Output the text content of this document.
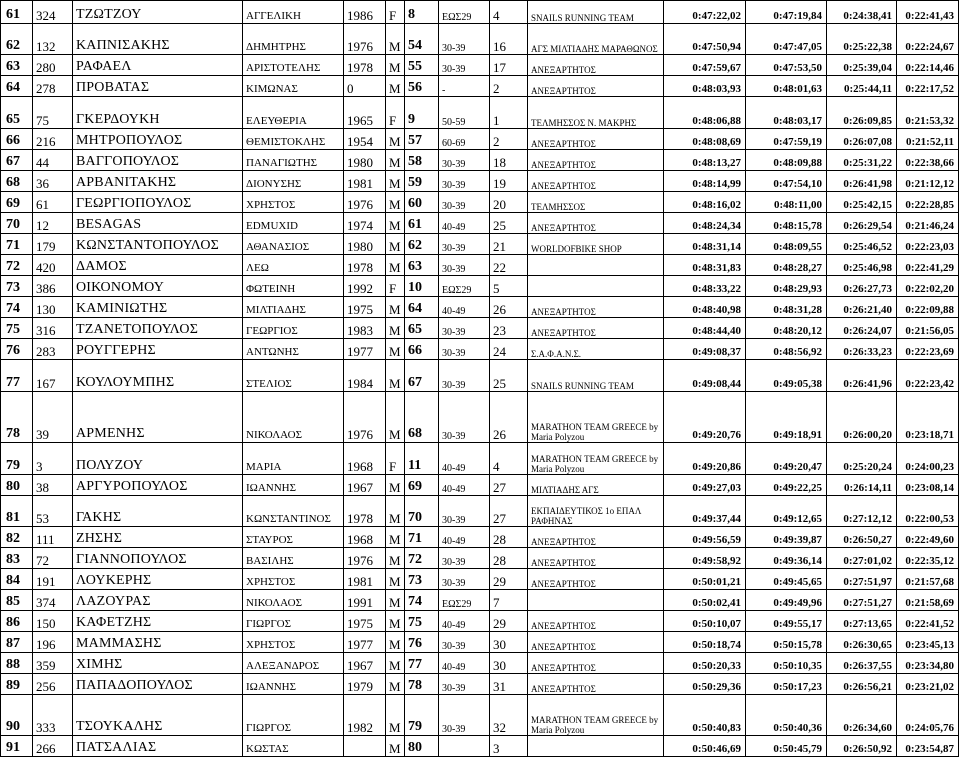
61	324	ΤΖΩΤΖΟΥ	ΑΓΓΕΛΙΚΗ	1986	F	8	ΕΩΣ29	4	SNAILS RUNNING TEAM	0:47:22,02	0:47:19,84	0:24:38,41	0:22:41,43
62	132	ΚΑΠΝΙΣΑΚΗΣ	ΔΗΜΗΤΡΗΣ	1976	M	54	30-39	16	ΑΓΣ ΜΙΛΤΙΑΔΗΣ ΜΑΡΑΘΩΝΟΣ	0:47:50,94	0:47:47,05	0:25:22,38	0:22:24,67
63	280	ΡΑΦΑΕΛ	ΑΡΙΣΤΟΤΕΛΗΣ	1978	M	55	30-39	17	ΑΝΕΞΑΡΤΗΤΟΣ	0:47:59,67	0:47:53,50	0:25:39,04	0:22:14,46
64	278	ΠΡΟΒΑΤΑΣ	ΚΙΜΩΝΑΣ	0	M	56	-	2	ΑΝΕΞΑΡΤΗΤΟΣ	0:48:03,93	0:48:01,63	0:25:44,11	0:22:17,52
65	75	ΓΚΕΡΔΟΥΚΗ	ΕΛΕΥΘΕΡΙΑ	1965	F	9	50-59	1	ΤΕΛΜΗΣΣΟΣ Ν. ΜΑΚΡΗΣ	0:48:06,88	0:48:03,17	0:26:09,85	0:21:53,32
66	216	ΜΗΤΡΟΠΟΥΛΟΣ	ΘΕΜΙΣΤΟΚΛΗΣ	1954	M	57	60-69	2	ΑΝΕΞΑΡΤΗΤΟΣ	0:48:08,69	0:47:59,19	0:26:07,08	0:21:52,11
67	44	ΒΑΓΓΟΠΟΥΛΟΣ	ΠΑΝΑΓΙΩΤΗΣ	1980	M	58	30-39	18	ΑΝΕΞΑΡΤΗΤΟΣ	0:48:13,27	0:48:09,88	0:25:31,22	0:22:38,66
68	36	ΑΡΒΑΝΙΤΑΚΗΣ	ΔΙΟΝΥΣΗΣ	1981	M	59	30-39	19	ΑΝΕΞΑΡΤΗΤΟΣ	0:48:14,99	0:47:54,10	0:26:41,98	0:21:12,12
69	61	ΓΕΩΡΓΙΟΠΟΥΛΟΣ	ΧΡΗΣΤΟΣ	1976	M	60	30-39	20	ΤΕΛΜΗΣΣΟΣ	0:48:16,02	0:48:11,00	0:25:42,15	0:22:28,85
70	12	BESAGAS	EDMUXID	1974	M	61	40-49	25	ΑΝΕΞΑΡΤΗΤΟΣ	0:48:24,34	0:48:15,78	0:26:29,54	0:21:46,24
71	179	ΚΩΝΣΤΑΝΤΟΠΟΥΛΟΣ	ΑΘΑΝΑΣΙΟΣ	1980	M	62	30-39	21	WORLDOFBIKE SHOP	0:48:31,14	0:48:09,55	0:25:46,52	0:22:23,03
72	420	ΔΑΜΟΣ	ΛΕΩ	1978	M	63	30-39	22		0:48:31,83	0:48:28,27	0:25:46,98	0:22:41,29
73	386	ΟΙΚΟΝΟΜΟΥ	ΦΩΤΕΙΝΗ	1992	F	10	ΕΩΣ29	5		0:48:33,22	0:48:29,93	0:26:27,73	0:22:02,20
74	130	ΚΑΜΙΝΙΩΤΗΣ	ΜΙΛΤΙΑΔΗΣ	1975	M	64	40-49	26	ΑΝΕΞΑΡΤΗΤΟΣ	0:48:40,98	0:48:31,28	0:26:21,40	0:22:09,88
75	316	ΤΖΑΝΕΤΟΠΟΥΛΟΣ	ΓΕΩΡΓΙΟΣ	1983	M	65	30-39	23	ΑΝΕΞΑΡΤΗΤΟΣ	0:48:44,40	0:48:20,12	0:26:24,07	0:21:56,05
76	283	ΡΟΥΓΓΕΡΗΣ	ΑΝΤΩΝΗΣ	1977	M	66	30-39	24	Σ.Α.Φ.Α.Ν.Σ.	0:49:08,37	0:48:56,92	0:26:33,23	0:22:23,69
77	167	ΚΟΥΛΟΥΜΠΗΣ	ΣΤΕΛΙΟΣ	1984	M	67	30-39	25	SNAILS RUNNING TEAM	0:49:08,44	0:49:05,38	0:26:41,96	0:22:23,42
78	39	ΑΡΜΕΝΗΣ	ΝΙΚΟΛΑΟΣ	1976	M	68	30-39	26	MARATHON TEAM GREECE by Maria Polyzou	0:49:20,76	0:49:18,91	0:26:00,20	0:23:18,71
79	3	ΠΟΛΥΖΟΥ	ΜΑΡΙΑ	1968	F	11	40-49	4	MARATHON TEAM GREECE by Maria Polyzou	0:49:20,86	0:49:20,47	0:25:20,24	0:24:00,23
80	38	ΑΡΓΥΡΟΠΟΥΛΟΣ	ΙΩΑΝΝΗΣ	1967	M	69	40-49	27	ΜΙΛΤΙΑΔΗΣ ΑΓΣ	0:49:27,03	0:49:22,25	0:26:14,11	0:23:08,14
81	53	ΓΑΚΗΣ	ΚΩΝΣΤΑΝΤΙΝΟΣ	1978	M	70	30-39	27	ΕΚΠΑΙΔΕΥΤΙΚΟΣ 1ο ΕΠΑΛ ΡΑΦΗΝΑΣ	0:49:37,44	0:49:12,65	0:27:12,12	0:22:00,53
82	111	ΖΗΣΗΣ	ΣΤΑΥΡΟΣ	1968	M	71	40-49	28	ΑΝΕΞΑΡΤΗΤΟΣ	0:49:56,59	0:49:39,87	0:26:50,27	0:22:49,60
83	72	ΓΙΑΝΝΟΠΟΥΛΟΣ	ΒΑΣΙΛΗΣ	1976	M	72	30-39	28	ΑΝΕΞΑΡΤΗΤΟΣ	0:49:58,92	0:49:36,14	0:27:01,02	0:22:35,12
84	191	ΛΟΥΚΕΡΗΣ	ΧΡΗΣΤΟΣ	1981	M	73	30-39	29	ΑΝΕΞΑΡΤΗΤΟΣ	0:50:01,21	0:49:45,65	0:27:51,97	0:21:57,68
85	374	ΛΑΖΟΥΡΑΣ	ΝΙΚΟΛΑΟΣ	1991	M	74	ΕΩΣ29	7		0:50:02,41	0:49:49,96	0:27:51,27	0:21:58,69
86	150	ΚΑΦΕΤΖΗΣ	ΓΙΩΡΓΟΣ	1975	M	75	40-49	29	ΑΝΕΞΑΡΤΗΤΟΣ	0:50:10,07	0:49:55,17	0:27:13,65	0:22:41,52
87	196	ΜΑΜΜΑΣΗΣ	ΧΡΗΣΤΟΣ	1977	M	76	30-39	30	ΑΝΕΞΑΡΤΗΤΟΣ	0:50:18,74	0:50:15,78	0:26:30,65	0:23:45,13
88	359	ΧΙΜΗΣ	ΑΛΕΞΑΝΔΡΟΣ	1967	M	77	40-49	30	ΑΝΕΞΑΡΤΗΤΟΣ	0:50:20,33	0:50:10,35	0:26:37,55	0:23:34,80
89	256	ΠΑΠΑΔΟΠΟΥΛΟΣ	ΙΩΑΝΝΗΣ	1979	M	78	30-39	31	ΑΝΕΞΑΡΤΗΤΟΣ	0:50:29,36	0:50:17,23	0:26:56,21	0:23:21,02
90	333	ΤΣΟΥΚΑΛΗΣ	ΓΙΩΡΓΟΣ	1982	M	79	30-39	32	MARATHON TEAM GREECE by Maria Polyzou	0:50:40,83	0:50:40,36	0:26:34,60	0:24:05,76
91	266	ΠΑΤΣΑΛΙΑΣ	ΚΩΣΤΑΣ		M	80		3		0:50:46,69	0:50:45,79	0:26:50,92	0:23:54,87
